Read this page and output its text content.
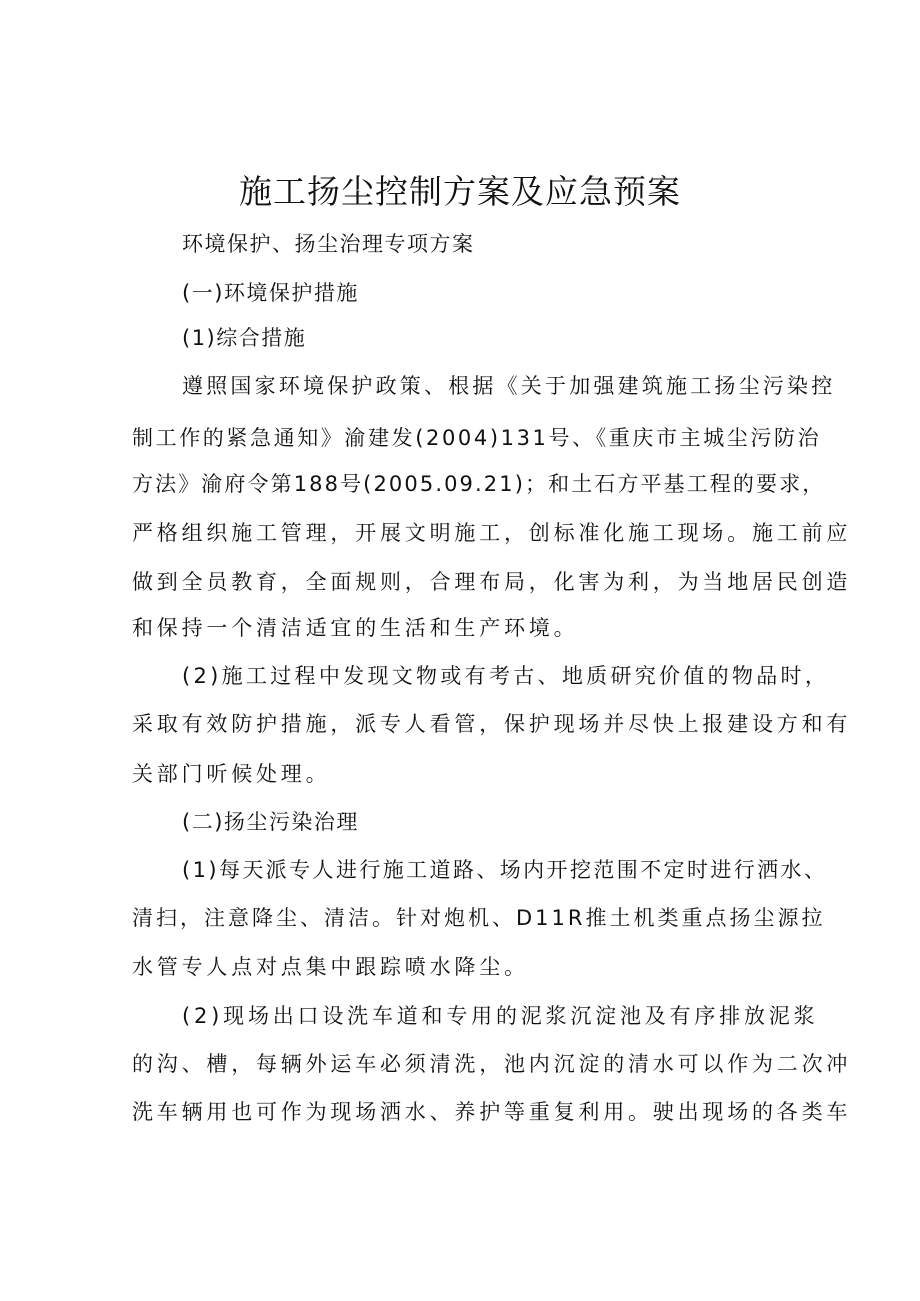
施工扬尘控制方案及应急预案

环境保护、扬尘治理专项方案

(一)环境保护措施

(1)综合措施

遵照国家环境保护政策、根据《关于加强建筑施工扬尘污染控

制工作的紧急通知》渝建发(2004)131号、《重庆市主城尘污防治

方法》渝府令第188号(2005.09.21)；和土石方平基工程的要求，

严格组织施工管理，开展文明施工，创标准化施工现场。施工前应

做到全员教育，全面规则，合理布局，化害为利，为当地居民创造

和保持一个清洁适宜的生活和生产环境。

(2)施工过程中发现文物或有考古、地质研究价值的物品时，

采取有效防护措施，派专人看管，保护现场并尽快上报建设方和有

关部门听候处理。

(二)扬尘污染治理

(1)每天派专人进行施工道路、场内开挖范围不定时进行洒水、

清扫，注意降尘、清洁。针对炮机、D11R推土机类重点扬尘源拉

水管专人点对点集中跟踪喷水降尘。

(2)现场出口设洗车道和专用的泥浆沉淀池及有序排放泥浆

的沟、槽，每辆外运车必须清洗，池内沉淀的清水可以作为二次冲

洗车辆用也可作为现场洒水、养护等重复利用。驶出现场的各类车
